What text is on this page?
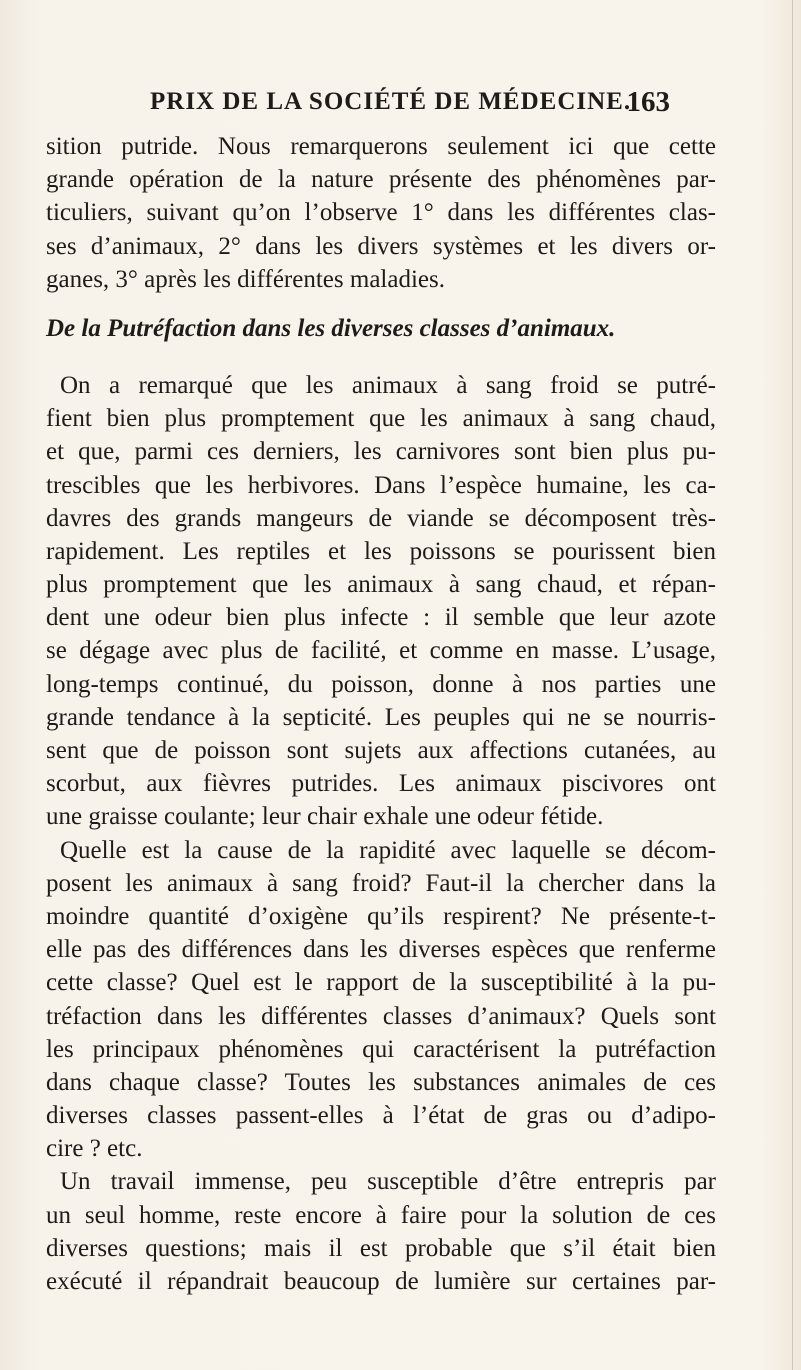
PRIX DE LA SOCIÉTÉ DE MÉDECINE.
163
sition putride. Nous remarquerons seulement ici que cette
grande opération de la nature présente des phénomènes par-
ticuliers, suivant qu’on l’observe 1° dans les différentes clas-
ses d’animaux, 2° dans les divers systèmes et les divers or-
ganes, 3° après les différentes maladies.
De la Putréfaction dans les diverses classes d’animaux.
On a remarqué que les animaux à sang froid se putré-
fient bien plus promptement que les animaux à sang chaud,
et que, parmi ces derniers, les carnivores sont bien plus pu-
trescibles que les herbivores. Dans l’espèce humaine, les ca-
davres des grands mangeurs de viande se décomposent très-
rapidement. Les reptiles et les poissons se pourissent bien
plus promptement que les animaux à sang chaud, et répan-
dent une odeur bien plus infecte : il semble que leur azote
se dégage avec plus de facilité, et comme en masse. L’usage,
long-temps continué, du poisson, donne à nos parties une
grande tendance à la septicité. Les peuples qui ne se nourris-
sent que de poisson sont sujets aux affections cutanées, au
scorbut, aux fièvres putrides. Les animaux piscivores ont
une graisse coulante; leur chair exhale une odeur fétide.
Quelle est la cause de la rapidité avec laquelle se décom-
posent les animaux à sang froid? Faut-il la chercher dans la
moindre quantité d’oxigène qu’ils respirent? Ne présente-t-
elle pas des différences dans les diverses espèces que renferme
cette classe? Quel est le rapport de la susceptibilité à la pu-
tréfaction dans les différentes classes d’animaux? Quels sont
les principaux phénomènes qui caractérisent la putréfaction
dans chaque classe? Toutes les substances animales de ces
diverses classes passent-elles à l’état de gras ou d’adipo-
cire ? etc.
Un travail immense, peu susceptible d’être entrepris par
un seul homme, reste encore à faire pour la solution de ces
diverses questions; mais il est probable que s’il était bien
exécuté il répandrait beaucoup de lumière sur certaines par-
